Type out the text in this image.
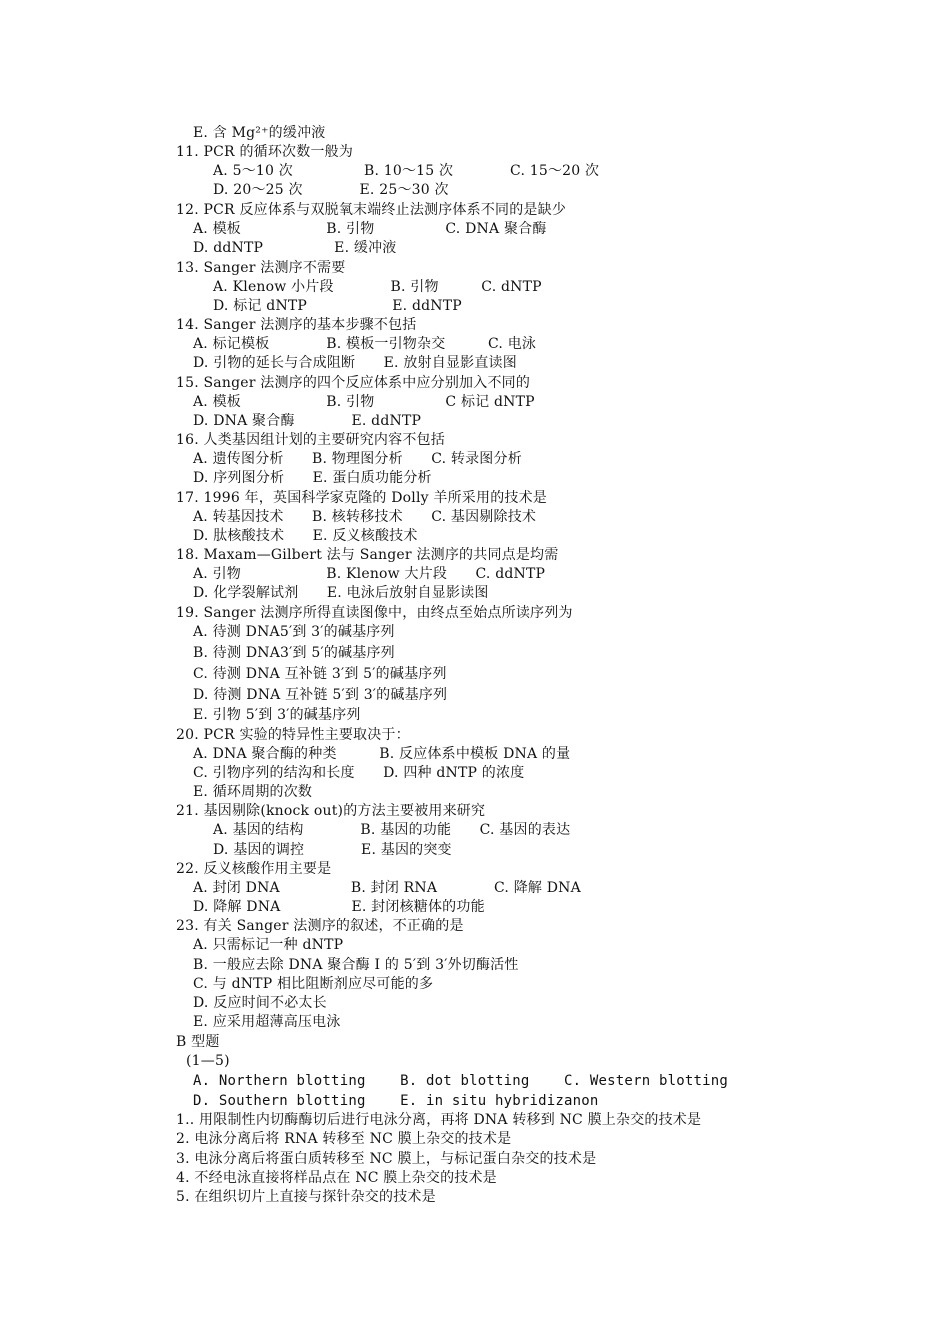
E. 含 Mg²⁺的缓冲液
11. PCR 的循环次数一般为
A. 5～10 次　　　　　B. 10～15 次　　　　C. 15～20 次
D. 20～25 次　　　　E. 25～30 次
12. PCR 反应体系与双脱氧末端终止法测序体系不同的是缺少
A. 模板　　　　　　B. 引物　　　　　C. DNA 聚合酶
D. ddNTP　　　　　E. 缓冲液
13. Sanger 法测序不需要
A. Klenow 小片段　　　　B. 引物　　　C. dNTP
D. 标记 dNTP　　　　　　E. ddNTP
14. Sanger 法测序的基本步骤不包括
A. 标记模板　　　　B. 模板一引物杂交　　　C. 电泳
D. 引物的延长与合成阻断　　E. 放射自显影直读图
15. Sanger 法测序的四个反应体系中应分别加入不同的
A. 模板　　　　　　B. 引物　　　　　C 标记 dNTP
D. DNA 聚合酶　　　　E. ddNTP
16. 人类基因组计划的主要研究内容不包括
A. 遗传图分析　　B. 物理图分析　　C. 转录图分析
D. 序列图分析　　E. 蛋白质功能分析
17. 1996 年，英国科学家克隆的 Dolly 羊所采用的技术是
A. 转基因技术　　B. 核转移技术　　C. 基因剔除技术
D. 肽核酸技术　　E. 反义核酸技术
18. Maxam—Gilbert 法与 Sanger 法测序的共同点是均需
A. 引物　　　　　　B. Klenow 大片段　　C. ddNTP
D. 化学裂解试剂　　E. 电泳后放射自显影读图
19. Sanger 法测序所得直读图像中，由终点至始点所读序列为
A. 待测 DNA5′到 3′的碱基序列
B. 待测 DNA3′到 5′的碱基序列
C. 待测 DNA 互补链 3′到 5′的碱基序列
D. 待测 DNA 互补链 5′到 3′的碱基序列
E. 引物 5′到 3′的碱基序列
20. PCR 实验的特异性主要取决于：
A. DNA 聚合酶的种类　　　B. 反应体系中模板 DNA 的量
C. 引物序列的结沟和长度　　D. 四种 dNTP 的浓度
E. 循环周期的次数
21. 基因剔除(knock out)的方法主要被用来研究
A. 基因的结构　　　　B. 基因的功能　　C. 基因的表达
D. 基因的调控　　　　E. 基因的突变
22. 反义核酸作用主要是
A. 封闭 DNA　　　　　B. 封闭 RNA　　　　C. 降解 DNA
D. 降解 DNA　　　　　E. 封闭核糖体的功能
23. 有关 Sanger 法测序的叙述，不正确的是
A. 只需标记一种 dNTP
B. 一般应去除 DNA 聚合酶 I 的 5′到 3′外切酶活性
C. 与 dNTP 相比阻断剂应尽可能的多
D. 反应时间不必太长
E. 应采用超薄高压电泳
B 型题
(1—5)
A. Northern blotting    B. dot blotting    C. Western blotting
D. Southern blotting    E. in situ hybridizanon
1.. 用限制性内切酶酶切后进行电泳分离，再将 DNA 转移到 NC 膜上杂交的技术是
2. 电泳分离后将 RNA 转移至 NC 膜上杂交的技术是
3. 电泳分离后将蛋白质转移至 NC 膜上，与标记蛋白杂交的技术是
4. 不经电泳直接将样品点在 NC 膜上杂交的技术是
5. 在组织切片上直接与探针杂交的技术是
